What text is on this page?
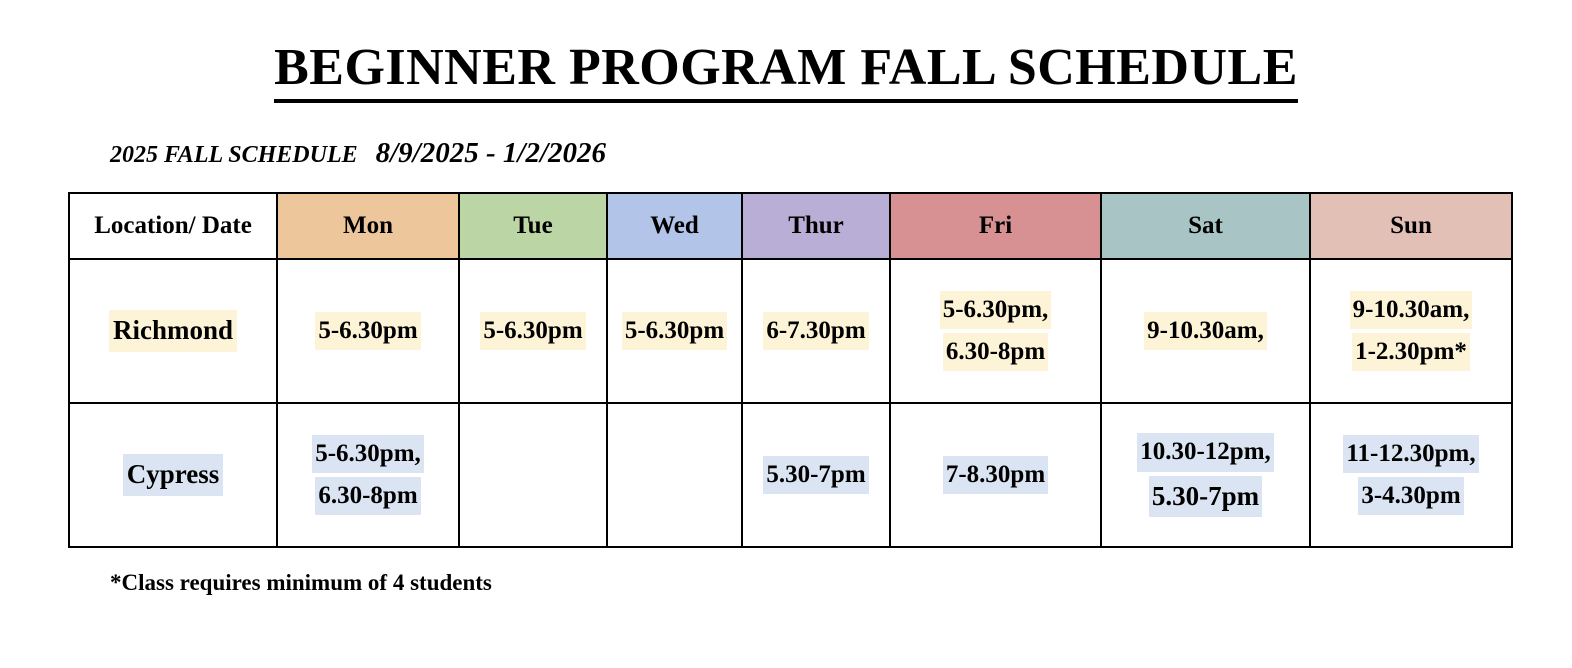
BEGINNER PROGRAM FALL SCHEDULE
2025 FALL SCHEDULE 8/9/2025 - 1/2/2026
Location/ Date	Mon	Tue	Wed	Thur	Fri	Sat	Sun

Richmond	5-6.30pm	5-6.30pm	5-6.30pm	6-7.30pm	5-6.30pm,
6.30-8pm	9-10.30am,	9-10.30am,
1-2.30pm*

Cypress	5-6.30pm,
6.30-8pm			5.30-7pm	7-8.30pm	10.30-12pm,
5.30-7pm	11-12.30pm,
3-4.30pm
*Class requires minimum of 4 students
